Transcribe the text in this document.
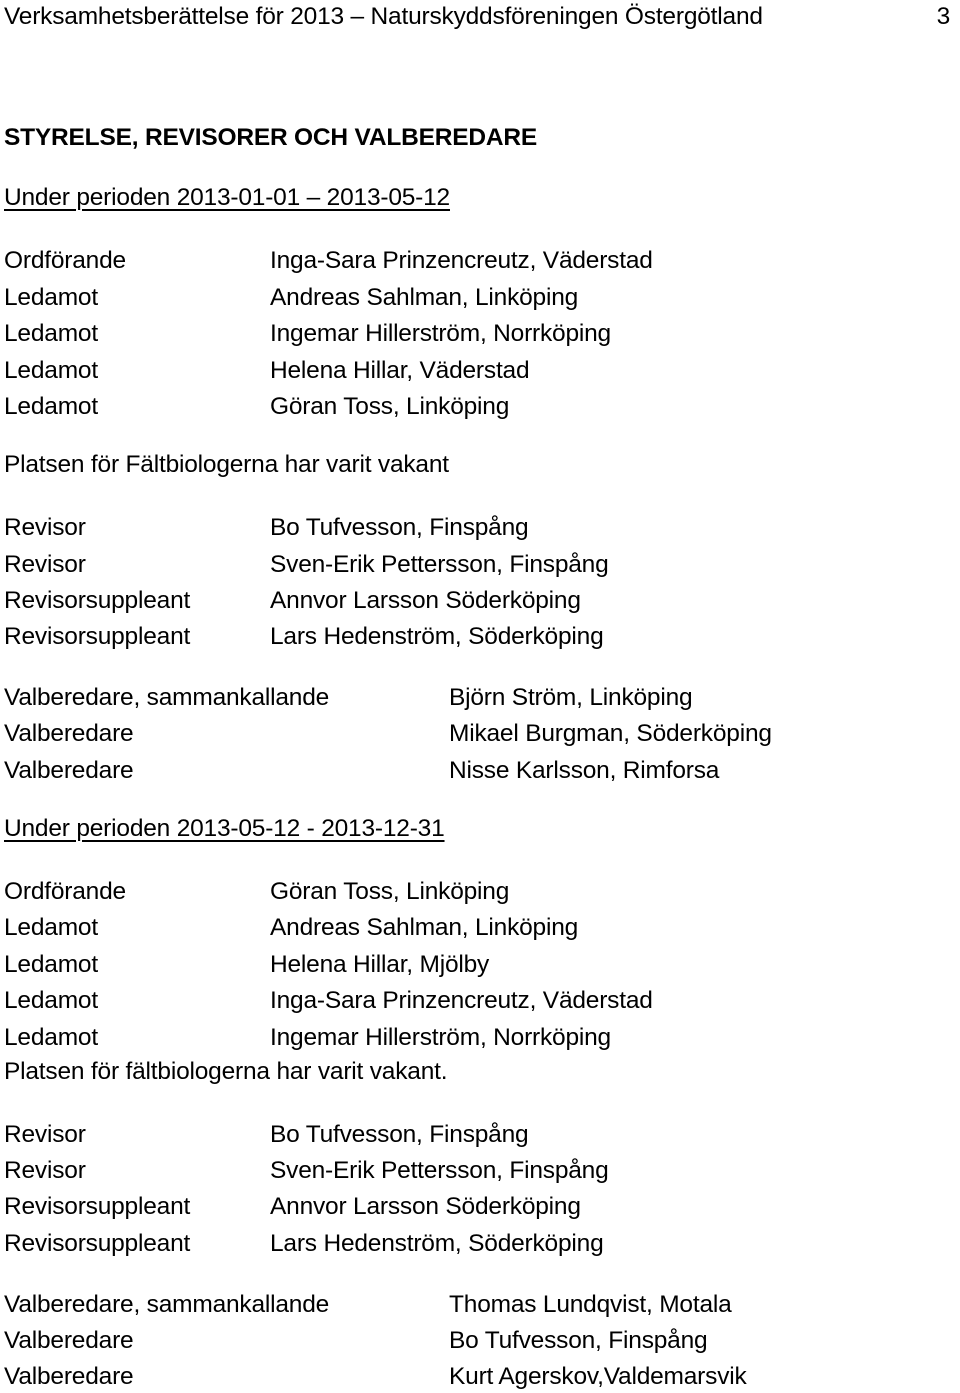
Verksamhetsberättelse för 2013 – Naturskyddsföreningen Östergötland	3
STYRELSE, REVISORER OCH VALBEREDARE
Under perioden 2013-01-01 – 2013-05-12
Ordförande	Inga-Sara Prinzencreutz, Väderstad
Ledamot	Andreas Sahlman, Linköping
Ledamot	Ingemar Hillerström, Norrköping
Ledamot	Helena Hillar, Väderstad
Ledamot	Göran Toss, Linköping
Platsen för Fältbiologerna har varit vakant
Revisor	Bo Tufvesson, Finspång
Revisor	Sven-Erik Pettersson, Finspång
Revisorsuppleant	Annvor Larsson Söderköping
Revisorsuppleant	Lars Hedenström, Söderköping
Valberedare, sammankallande	Björn Ström, Linköping
Valberedare	Mikael Burgman, Söderköping
Valberedare	Nisse Karlsson, Rimforsa
Under perioden 2013-05-12 - 2013-12-31
Ordförande	Göran Toss, Linköping
Ledamot	Andreas Sahlman, Linköping
Ledamot	Helena Hillar, Mjölby
Ledamot	Inga-Sara Prinzencreutz, Väderstad
Ledamot	Ingemar Hillerström, Norrköping
Platsen för fältbiologerna har varit vakant.
Revisor	Bo Tufvesson, Finspång
Revisor	Sven-Erik Pettersson, Finspång
Revisorsuppleant	Annvor Larsson Söderköping
Revisorsuppleant	Lars Hedenström, Söderköping
Valberedare, sammankallande	Thomas Lundqvist, Motala
Valberedare	Bo Tufvesson, Finspång
Valberedare	Kurt Agerskov,Valdemarsvik
